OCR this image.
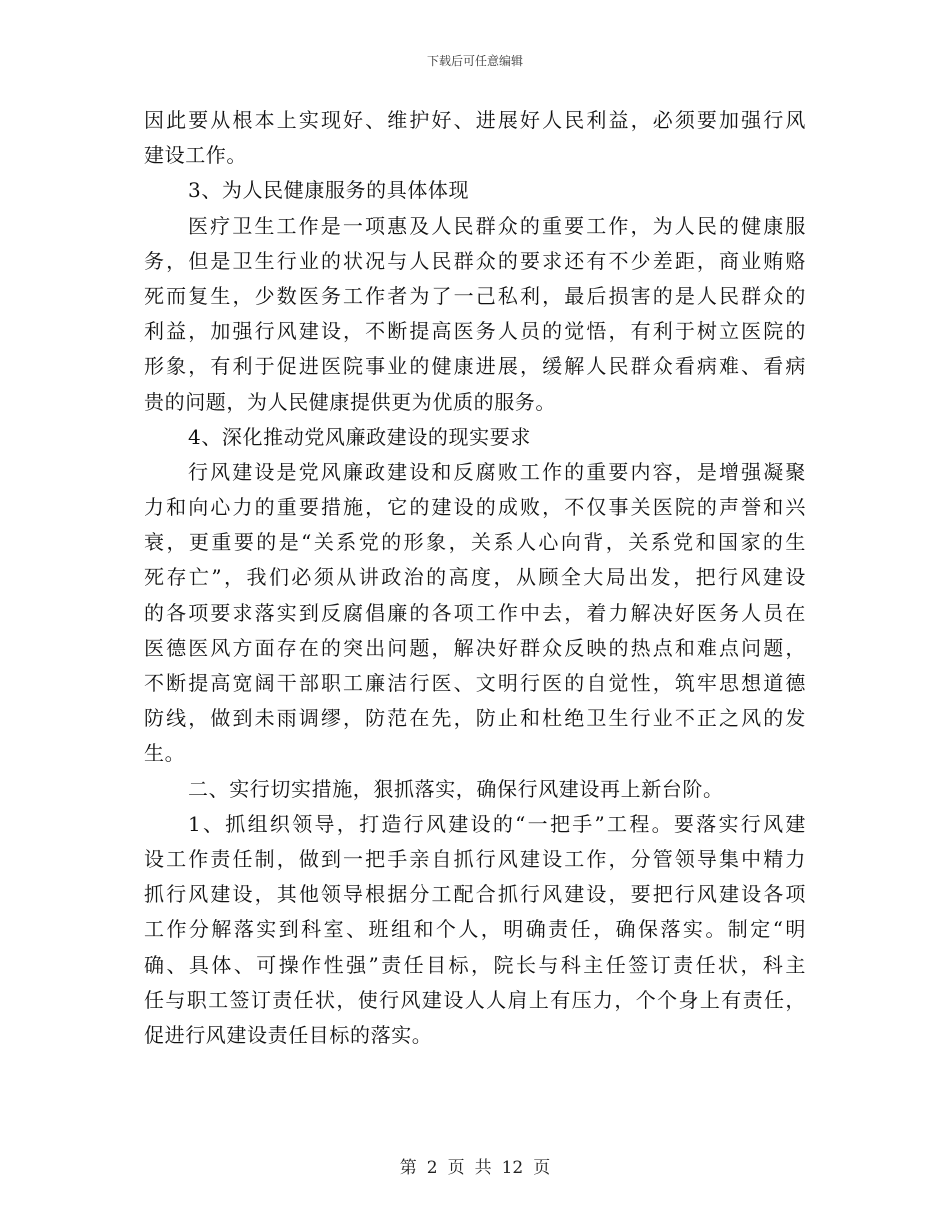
下载后可任意编辑
因此要从根本上实现好、维护好、进展好人民利益，必须要加强行风
建设工作。
3、为人民健康服务的具体体现
医疗卫生工作是一项惠及人民群众的重要工作，为人民的健康服
务，但是卫生行业的状况与人民群众的要求还有不少差距，商业贿赂
死而复生，少数医务工作者为了一己私利，最后损害的是人民群众的
利益，加强行风建设，不断提高医务人员的觉悟，有利于树立医院的
形象，有利于促进医院事业的健康进展，缓解人民群众看病难、看病
贵的问题，为人民健康提供更为优质的服务。
4、深化推动党风廉政建设的现实要求
行风建设是党风廉政建设和反腐败工作的重要内容，是增强凝聚
力和向心力的重要措施，它的建设的成败，不仅事关医院的声誉和兴
衰，更重要的是“关系党的形象，关系人心向背，关系党和国家的生
死存亡”，我们必须从讲政治的高度，从顾全大局出发，把行风建设
的各项要求落实到反腐倡廉的各项工作中去，着力解决好医务人员在
医德医风方面存在的突出问题，解决好群众反映的热点和难点问题，
不断提高宽阔干部职工廉洁行医、文明行医的自觉性，筑牢思想道德
防线，做到未雨调缪，防范在先，防止和杜绝卫生行业不正之风的发
生。
二、实行切实措施，狠抓落实，确保行风建设再上新台阶。
1、抓组织领导，打造行风建设的“一把手”工程。要落实行风建
设工作责任制，做到一把手亲自抓行风建设工作，分管领导集中精力
抓行风建设，其他领导根据分工配合抓行风建设，要把行风建设各项
工作分解落实到科室、班组和个人，明确责任，确保落实。制定“明
确、具体、可操作性强”责任目标，院长与科主任签订责任状，科主
任与职工签订责任状，使行风建设人人肩上有压力，个个身上有责任，
促进行风建设责任目标的落实。
第 2 页 共 12 页
